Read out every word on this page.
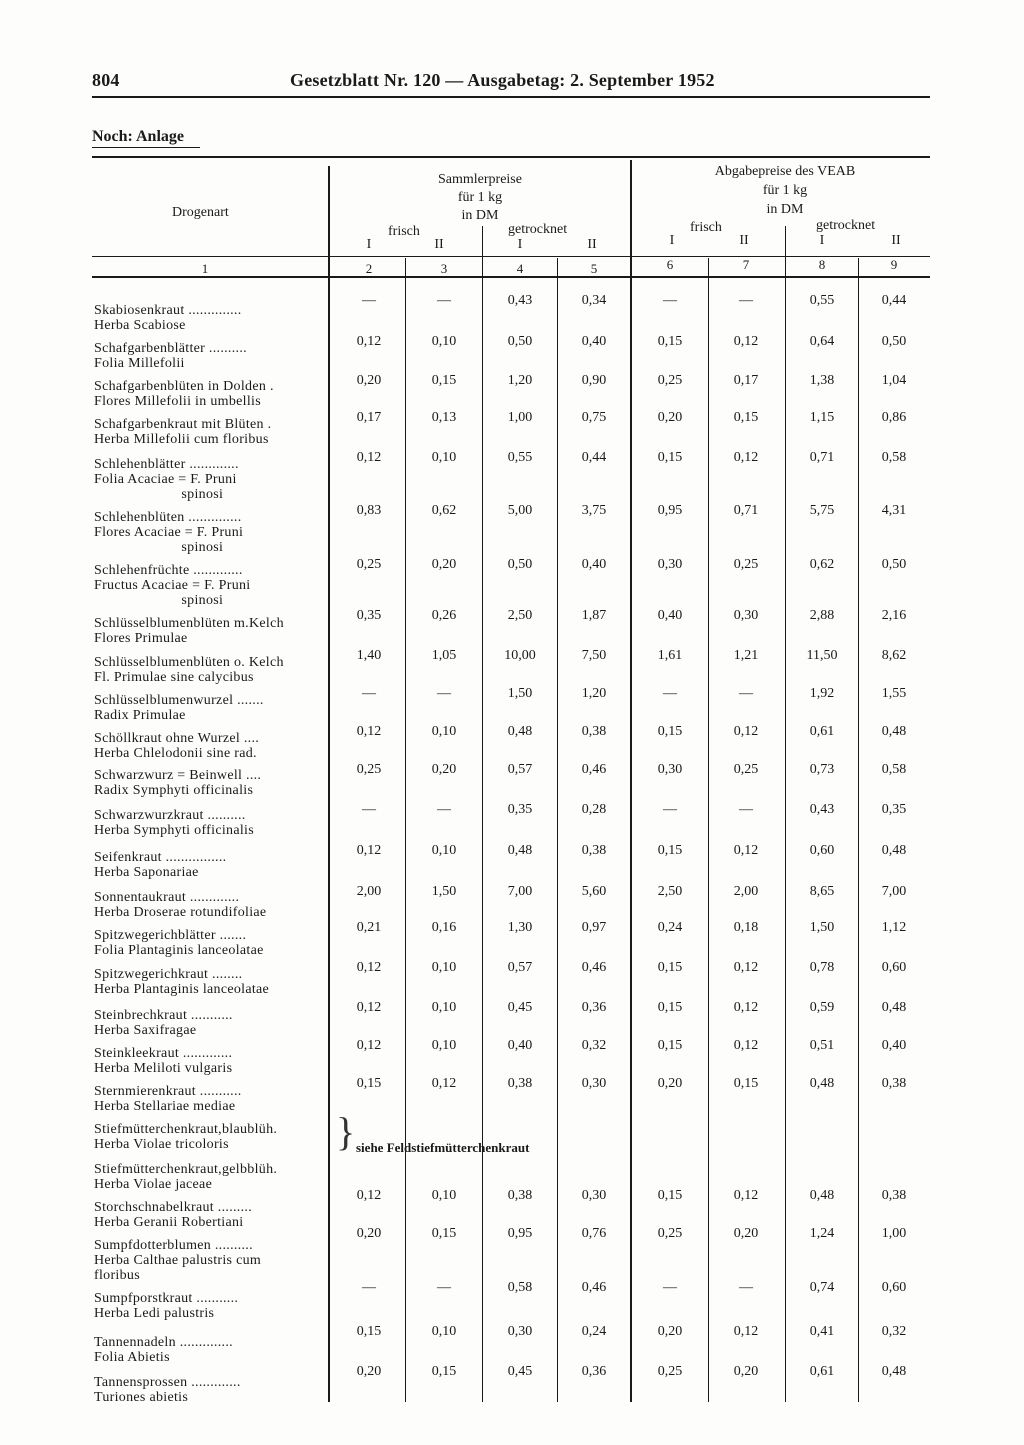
804	Gesetzblatt Nr. 120 — Ausgabetag: 2. September 1952
Noch: Anlage
Drogenart
Sammlerpreise
für 1 kg
in DM
frisch	getrocknet
Abgabepreise des VEAB
für 1 kg
in DM
frisch	getrocknet
I	II	I	II	I	II	I	II
1	2	3	4	5	6	7	8	9
Skabiosenkraut ..............
Herba Scabiose
—	—	0,43	0,34	—	—	0,55	0,44
Schafgarbenblätter ..........
Folia Millefolii
0,12	0,10	0,50	0,40	0,15	0,12	0,64	0,50
Schafgarbenblüten in Dolden .
Flores Millefolii in umbellis
0,20	0,15	1,20	0,90	0,25	0,17	1,38	1,04
Schafgarbenkraut mit Blüten .
Herba Millefolii cum floribus
0,17	0,13	1,00	0,75	0,20	0,15	1,15	0,86
Schlehenblätter .............
Folia Acaciae = F. Pruni
spinosi
0,12	0,10	0,55	0,44	0,15	0,12	0,71	0,58
Schlehenblüten ..............
Flores Acaciae = F. Pruni
spinosi
0,83	0,62	5,00	3,75	0,95	0,71	5,75	4,31
Schlehenfrüchte .............
Fructus Acaciae = F. Pruni
spinosi
0,25	0,20	0,50	0,40	0,30	0,25	0,62	0,50
Schlüsselblumenblüten m.Kelch
Flores Primulae
0,35	0,26	2,50	1,87	0,40	0,30	2,88	2,16
Schlüsselblumenblüten o. Kelch
Fl. Primulae sine calycibus
1,40	1,05	10,00	7,50	1,61	1,21	11,50	8,62
Schlüsselblumenwurzel .......
Radix Primulae
—	—	1,50	1,20	—	—	1,92	1,55
Schöllkraut ohne Wurzel ....
Herba Chlelodonii sine rad.
0,12	0,10	0,48	0,38	0,15	0,12	0,61	0,48
Schwarzwurz = Beinwell ....
Radix Symphyti officinalis
0,25	0,20	0,57	0,46	0,30	0,25	0,73	0,58
Schwarzwurzkraut ..........
Herba Symphyti officinalis
—	—	0,35	0,28	—	—	0,43	0,35
Seifenkraut ................
Herba Saponariae
0,12	0,10	0,48	0,38	0,15	0,12	0,60	0,48
Sonnentaukraut .............
Herba Droserae rotundifoliae
2,00	1,50	7,00	5,60	2,50	2,00	8,65	7,00
Spitzwegerichblätter .......
Folia Plantaginis lanceolatae
0,21	0,16	1,30	0,97	0,24	0,18	1,50	1,12
Spitzwegerichkraut ........
Herba Plantaginis lanceolatae
0,12	0,10	0,57	0,46	0,15	0,12	0,78	0,60
Steinbrechkraut ...........
Herba Saxifragae
0,12	0,10	0,45	0,36	0,15	0,12	0,59	0,48
Steinkleekraut .............
Herba Meliloti vulgaris
0,12	0,10	0,40	0,32	0,15	0,12	0,51	0,40
Sternmierenkraut ...........
Herba Stellariae mediae
0,15	0,12	0,38	0,30	0,20	0,15	0,48	0,38
Stiefmütterchenkraut,blaublüh.
Herba Violae tricoloris
Stiefmütterchenkraut,gelbblüh.
Herba Violae jaceae
Storchschnabelkraut .........
Herba Geranii Robertiani
0,12	0,10	0,38	0,30	0,15	0,12	0,48	0,38
Sumpfdotterblumen ..........
Herba Calthae palustris cum
floribus
0,20	0,15	0,95	0,76	0,25	0,20	1,24	1,00
Sumpfporstkraut ...........
Herba Ledi palustris
—	—	0,58	0,46	—	—	0,74	0,60
Tannennadeln ..............
Folia Abietis
0,15	0,10	0,30	0,24	0,20	0,12	0,41	0,32
Tannensprossen .............
Turiones abietis
0,20	0,15	0,45	0,36	0,25	0,20	0,61	0,48
} siehe Feldstiefmütterchenkraut
